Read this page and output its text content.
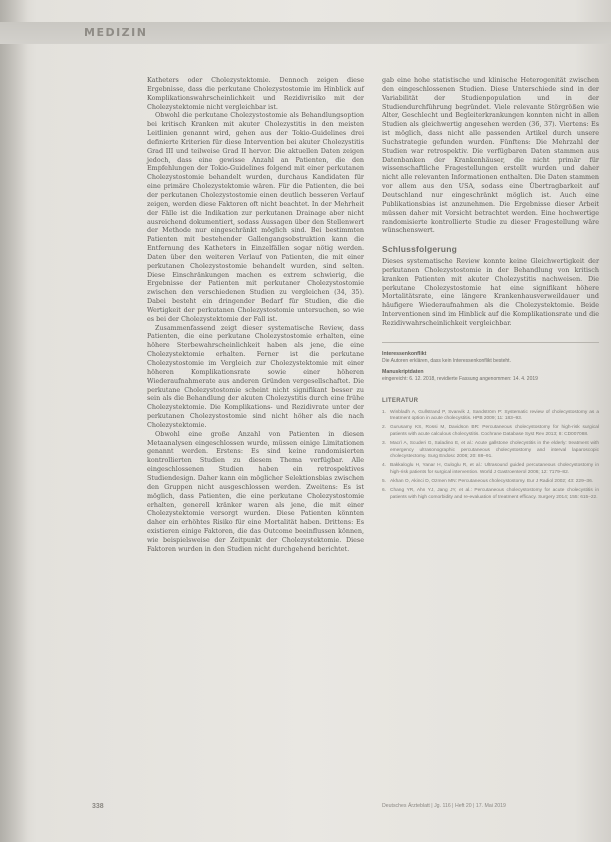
MEDIZIN

Katheters oder Cholezystektomie. Dennoch zeigen diese Ergebnisse, dass die perkutane Cholezystostomie im Hinblick auf Komplikationswahrscheinlichkeit und Rezidivrisiko mit der Cholezystektomie nicht vergleichbar ist.

Obwohl die perkutane Cholezystostomie als Behandlungsoption bei kritisch Kranken mit akuter Cholezystitis in den meisten Leitlinien genannt wird, gehen aus der Tokio-Guidelines drei definierte Kriterien für diese Intervention bei akuter Cholezystitis Grad III und teilweise Grad II hervor. Die aktuellen Daten zeigen jedoch, dass eine gewisse Anzahl an Patienten, die den Empfehlungen der Tokio-Guidelines folgend mit einer perkutanen Cholezystostomie behandelt wurden, durchaus Kandidaten für eine primäre Cholezystektomie wären. Für die Patienten, die bei der perkutanen Cholezystostomie einen deutlich besseren Verlauf zeigen, werden diese Faktoren oft nicht beachtet. In der Mehrheit der Fälle ist die Indikation zur perkutanen Drainage aber nicht ausreichend dokumentiert, sodass Aussagen über den Stellenwert der Methode nur eingeschränkt möglich sind. Bei bestimmten Patienten mit bestehender Gallengangsobstruktion kann die Entfernung des Katheters in Einzelfällen sogar nötig werden. Daten über den weiteren Verlauf von Patienten, die mit einer perkutanen Cholezystostomie behandelt wurden, sind selten. Diese Einschränkungen machen es extrem schwierig, die Ergebnisse der Patienten mit perkutaner Cholezystostomie zwischen den verschiedenen Studien zu vergleichen (34, 35). Dabei besteht ein dringender Bedarf für Studien, die die Wertigkeit der perkutanen Cholezystostomie untersuchen, so wie es bei der Cholezystektomie der Fall ist.

Zusammenfassend zeigt dieser systematische Review, dass Patienten, die eine perkutane Cholezystostomie erhalten, eine höhere Sterbewahrscheinlichkeit haben als jene, die eine Cholezystektomie erhalten. Ferner ist die perkutane Cholezystostomie im Vergleich zur Cholezystektomie mit einer höheren Komplikationsrate sowie einer höheren Wiederaufnahmerate aus anderen Gründen vergesellschaftet. Die perkutane Cholezystostomie scheint nicht signifikant besser zu sein als die Behandlung der akuten Cholezystitis durch eine frühe Cholezystektomie. Die Komplikations- und Rezidivrate unter der perkutanen Cholezystostomie sind nicht höher als die nach Cholezystektomie.

Obwohl eine große Anzahl von Patienten in diesen Metaanalysen eingeschlossen wurde, müssen einige Limitationen genannt werden. Erstens: Es sind keine randomisierten kontrollierten Studien zu diesem Thema verfügbar. Alle eingeschlossenen Studien haben ein retrospektives Studiendesign. Daher kann ein möglicher Selektionsbias zwischen den Gruppen nicht ausgeschlossen werden. Zweitens: Es ist möglich, dass Patienten, die eine perkutane Cholezystostomie erhalten, generell kränker waren als jene, die mit einer Cholezystektomie versorgt wurden. Diese Patienten könnten daher ein erhöhtes Risiko für eine Mortalität haben. Drittens: Es existieren einige Faktoren, die das Outcome beeinflussen können, wie beispielsweise der Zeitpunkt der Cholezystektomie. Diese Faktoren wurden in den Studien nicht durchgehend berichtet.

gab eine hohe statistische und klinische Heterogenität zwischen den eingeschlossenen Studien. Diese Unterschiede sind in der Variabilität der Studienpopulation und in der Studiendurchführung begründet. Viele relevante Störgrößen wie Alter, Geschlecht und Begleiterkrankungen konnten nicht in allen Studien als gleichwertig angesehen werden (36, 37). Viertens: Es ist möglich, dass nicht alle passenden Artikel durch unsere Suchstrategie gefunden wurden. Fünftens: Die Mehrzahl der Studien war retrospektiv. Die verfügbaren Daten stammen aus Datenbanken der Krankenhäuser, die nicht primär für wissenschaftliche Fragestellungen erstellt wurden und daher nicht alle relevanten Informationen enthalten. Die Daten stammen vor allem aus den USA, sodass eine Übertragbarkeit auf Deutschland nur eingeschränkt möglich ist. Auch eine Publikationsbias ist anzunehmen. Die Ergebnisse dieser Arbeit müssen daher mit Vorsicht betrachtet werden. Eine hochwertige randomisierte kontrollierte Studie zu dieser Fragestellung wäre wünschenswert.

Schlussfolgerung

Dieses systematische Review konnte keine Gleichwertigkeit der perkutanen Cholezystostomie in der Behandlung von kritisch kranken Patienten mit akuter Cholezystitis nachweisen. Die perkutane Cholezystostomie hat eine signifikant höhere Mortalitätsrate, eine längere Krankenhausverweildauer und häufigere Wiederaufnahmen als die Cholezystektomie. Beide Interventionen sind im Hinblick auf die Komplikationsrate und die Rezidivwahrscheinlichkeit vergleichbar.

Interessenkonflikt
Die Autoren erklären, dass kein Interessenkonflikt besteht.
Manuskriptdaten
eingereicht: 6. 12. 2018, revidierte Fassung angenommen: 14. 4. 2019
LITERATUR
1. Winbladh A, Gullstrand P, Svanvik J, Sandström P: Systematic review of cholecystostomy as a treatment option in acute cholecystitis. HPB 2009; 11: 183–93.
2. Gurusamy KS, Rossi M, Davidson BR: Percutaneous cholecystostomy for high-risk surgical patients with acute calculous cholecystitis. Cochrane Database Syst Rev 2013; 8: CD007088.
3. Macrì A, Scuderi G, Saladino E, et al.: Acute gallstone cholecystitis in the elderly: treatment with emergency ultrasonographic percutaneous cholecystostomy and interval laparoscopic cholecystectomy. Surg Endosc 2006; 20: 88–91.
4. Bakkaloglu H, Yanar H, Guloglu R, et al.: Ultrasound guided percutaneous cholecystostomy in high-risk patients for surgical intervention. World J Gastroenterol 2006; 12: 7179–82.
5. Akhan O, Akinci D, Ozmen MN: Percutaneous cholecystostomy. Eur J Radiol 2002; 43: 229–36.
6. Chang YR, Ahn YJ, Jang JY, et al.: Percutaneous cholecystostomy for acute cholecystitis in patients with high comorbidity and re-evaluation of treatment efficacy. Surgery 2014; 155: 615–22.
338	Deutsches Ärzteblatt | Jg. 116 | Heft 20 | 17. Mai 2019
